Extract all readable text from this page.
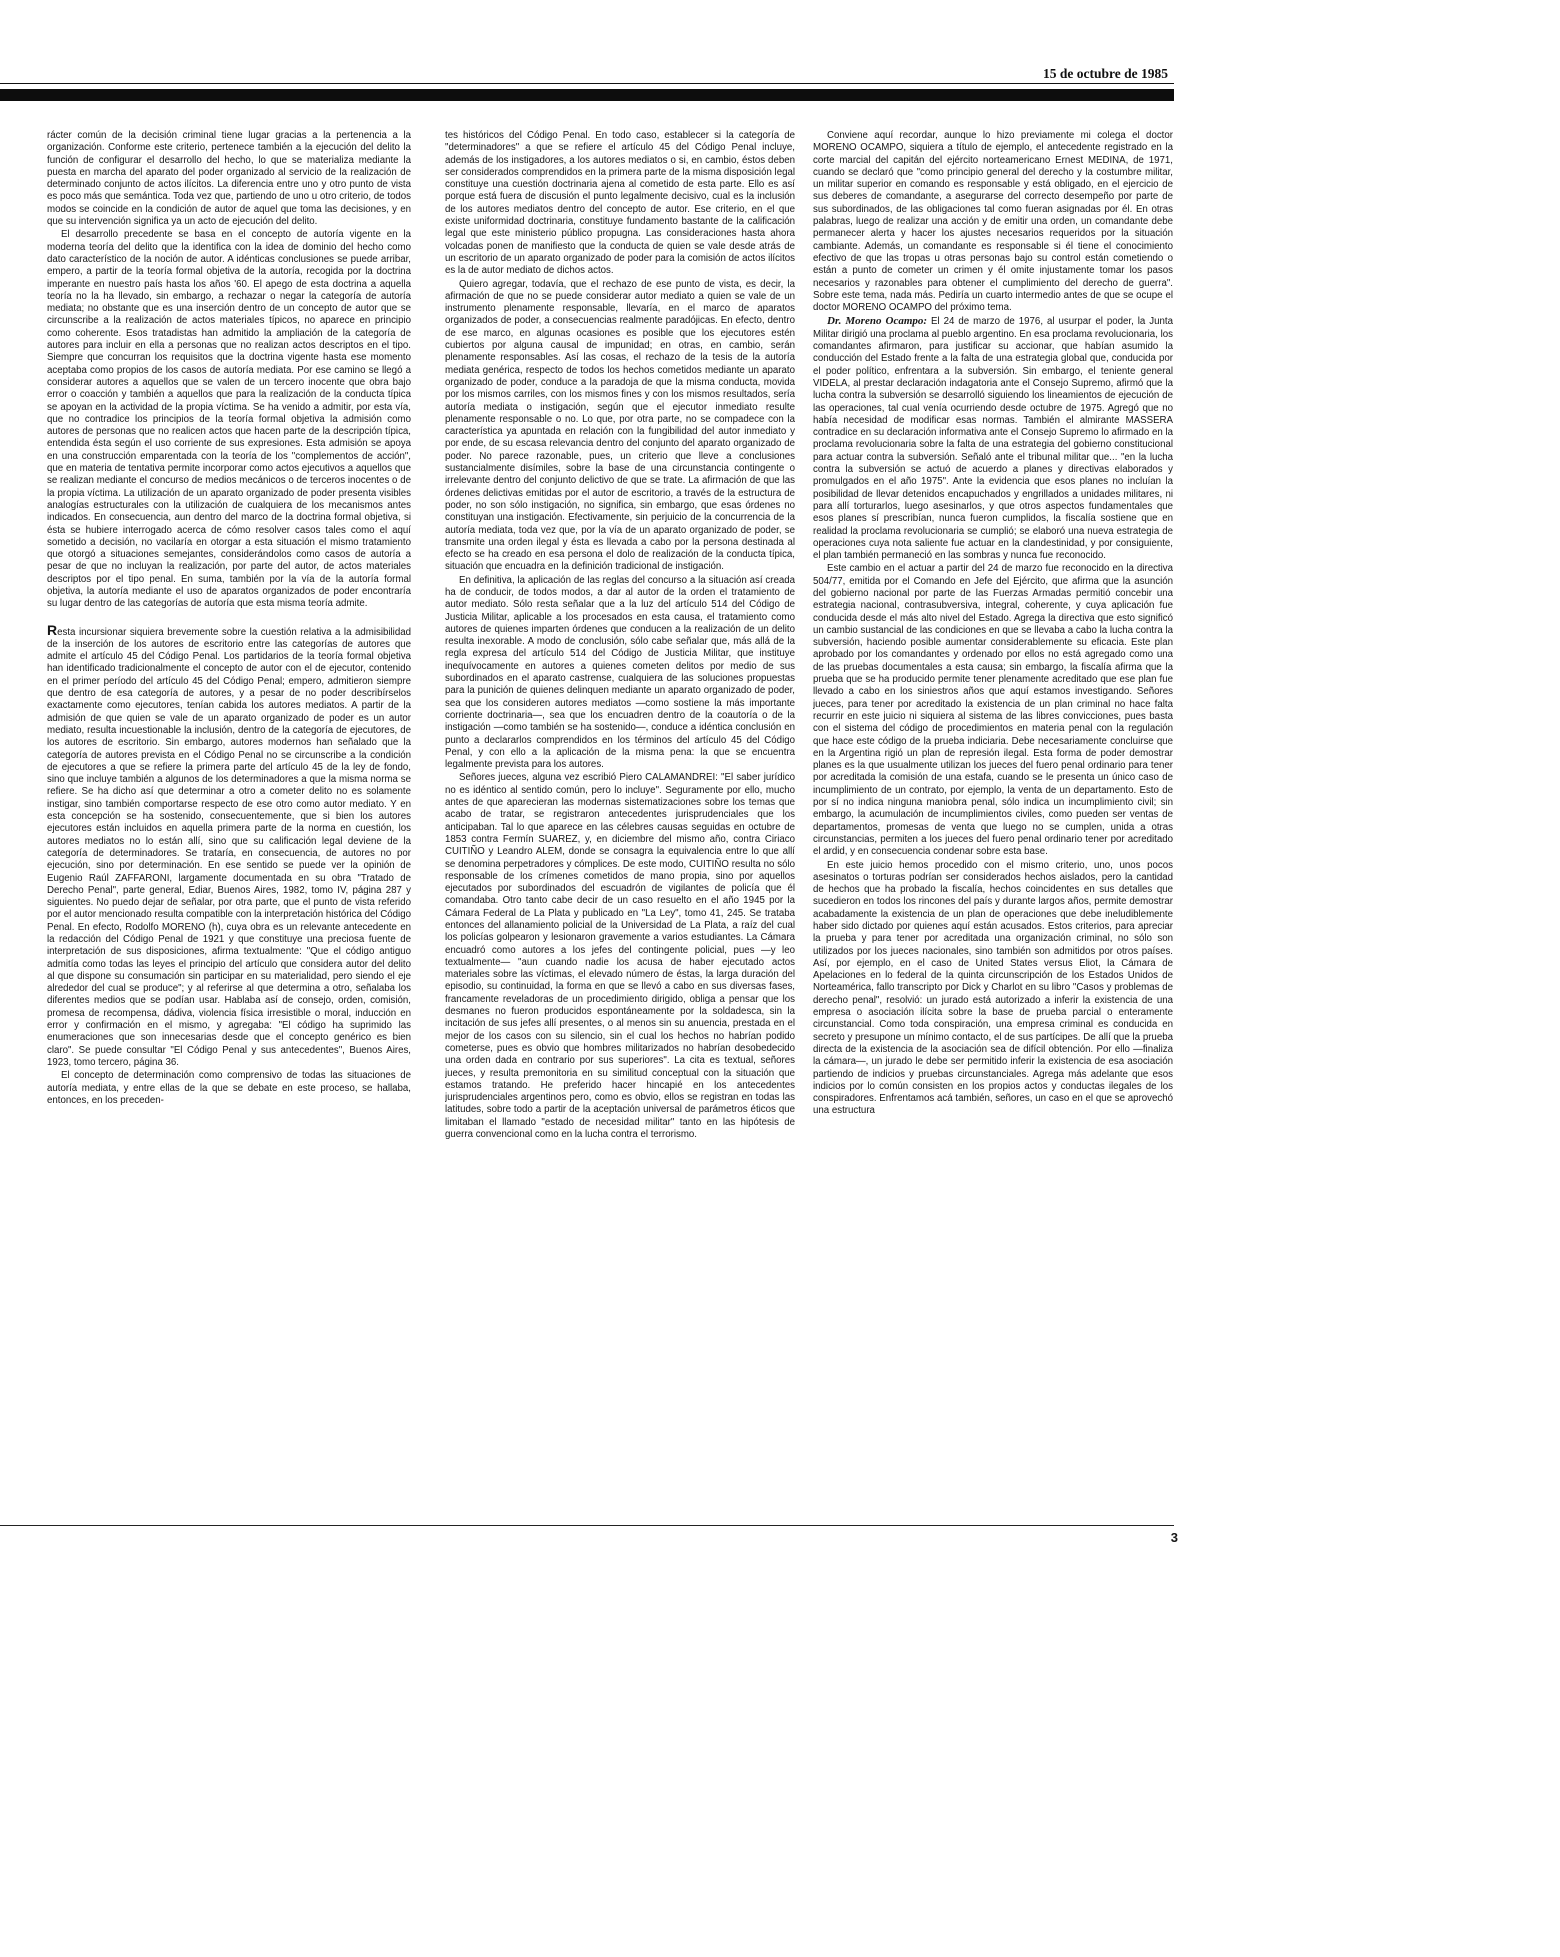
15 de octubre de 1985

rácter común de la decisión criminal tiene lugar gracias a la pertenencia a la organización. Conforme este criterio, pertenece también a la ejecución del delito la función de configurar el desarrollo del hecho, lo que se materializa mediante la puesta en marcha del aparato del poder organizado al servicio de la realización de determinado conjunto de actos ilícitos. La diferencia entre uno y otro punto de vista es poco más que semántica. Toda vez que, partiendo de uno u otro criterio, de todos modos se coincide en la condición de autor de aquel que toma las decisiones, y en que su intervención significa ya un acto de ejecución del delito.

El desarrollo precedente se basa en el concepto de autoría vigente en la moderna teoría del delito que la identifica con la idea de dominio del hecho como dato característico de la noción de autor. A idénticas conclusiones se puede arribar, empero, a partir de la teoría formal objetiva de la autoría, recogida por la doctrina imperante en nuestro país hasta los años '60. El apego de esta doctrina a aquella teoría no la ha llevado, sin embargo, a rechazar o negar la categoría de autoría mediata; no obstante que es una inserción dentro de un concepto de autor que se circunscribe a la realización de actos materiales típicos, no aparece en principio como coherente. Esos tratadistas han admitido la ampliación de la categoría de autores para incluir en ella a personas que no realizan actos descriptos en el tipo. Siempre que concurran los requisitos que la doctrina vigente hasta ese momento aceptaba como propios de los casos de autoría mediata. Por ese camino se llegó a considerar autores a aquellos que se valen de un tercero inocente que obra bajo error o coacción y también a aquellos que para la realización de la conducta típica se apoyan en la actividad de la propia víctima. Se ha venido a admitir, por esta vía, que no contradice los principios de la teoría formal objetiva la admisión como autores de personas que no realicen actos que hacen parte de la descripción típica, entendida ésta según el uso corriente de sus expresiones. Esta admisión se apoya en una construcción emparentada con la teoría de los "complementos de acción", que en materia de tentativa permite incorporar como actos ejecutivos a aquellos que se realizan mediante el concurso de medios mecánicos o de terceros inocentes o de la propia víctima. La utilización de un aparato organizado de poder presenta visibles analogías estructurales con la utilización de cualquiera de los mecanismos antes indicados. En consecuencia, aun dentro del marco de la doctrina formal objetiva, si ésta se hubiere interrogado acerca de cómo resolver casos tales como el aquí sometido a decisión, no vacilaría en otorgar a esta situación el mismo tratamiento que otorgó a situaciones semejantes, considerándolos como casos de autoría a pesar de que no incluyan la realización, por parte del autor, de actos materiales descriptos por el tipo penal. En suma, también por la vía de la autoría formal objetiva, la autoría mediante el uso de aparatos organizados de poder encontraría su lugar dentro de las categorías de autoría que esta misma teoría admite.

Resta incursionar siquiera brevemente sobre la cuestión relativa a la admisibilidad de la inserción de los autores de escritorio entre las categorías de autores que admite el artículo 45 del Código Penal. Los partidarios de la teoría formal objetiva han identificado tradicionalmente el concepto de autor con el de ejecutor, contenido en el primer período del artículo 45 del Código Penal; empero, admitieron siempre que dentro de esa categoría de autores, y a pesar de no poder describírselos exactamente como ejecutores, tenían cabida los autores mediatos. A partir de la admisión de que quien se vale de un aparato organizado de poder es un autor mediato, resulta incuestionable la inclusión, dentro de la categoría de ejecutores, de los autores de escritorio. Sin embargo, autores modernos han señalado que la categoría de autores prevista en el Código Penal no se circunscribe a la condición de ejecutores a que se refiere la primera parte del artículo 45 de la ley de fondo, sino que incluye también a algunos de los determinadores a que la misma norma se refiere. Se ha dicho así que determinar a otro a cometer delito no es solamente instigar, sino también comportarse respecto de ese otro como autor mediato. Y en esta concepción se ha sostenido, consecuentemente, que si bien los autores ejecutores están incluidos en aquella primera parte de la norma en cuestión, los autores mediatos no lo están allí, sino que su calificación legal deviene de la categoría de determinadores. Se trataría, en consecuencia, de autores no por ejecución, sino por determinación. En ese sentido se puede ver la opinión de Eugenio Raúl ZAFFARONI, largamente documentada en su obra "Tratado de Derecho Penal", parte general, Ediar, Buenos Aires, 1982, tomo IV, página 287 y siguientes. No puedo dejar de señalar, por otra parte, que el punto de vista referido por el autor mencionado resulta compatible con la interpretación histórica del Código Penal. En efecto, Rodolfo MORENO (h), cuya obra es un relevante antecedente en la redacción del Código Penal de 1921 y que constituye una preciosa fuente de interpretación de sus disposiciones, afirma textualmente: "Que el código antiguo admitía como todas las leyes el principio del artículo que considera autor del delito al que dispone su consumación sin participar en su materialidad, pero siendo el eje alrededor del cual se produce"; y al referirse al que determina a otro, señalaba los diferentes medios que se podían usar. Hablaba así de consejo, orden, comisión, promesa de recompensa, dádiva, violencia física irresistible o moral, inducción en error y confirmación en el mismo, y agregaba: "El código ha suprimido las enumeraciones que son innecesarias desde que el concepto genérico es bien claro". Se puede consultar "El Código Penal y sus antecedentes", Buenos Aires, 1923, tomo tercero, página 36.

El concepto de determinación como comprensivo de todas las situaciones de autoría mediata, y entre ellas de la que se debate en este proceso, se hallaba, entonces, en los preceden-

tes históricos del Código Penal. En todo caso, establecer si la categoría de "determinadores" a que se refiere el artículo 45 del Código Penal incluye, además de los instigadores, a los autores mediatos o si, en cambio, éstos deben ser considerados comprendidos en la primera parte de la misma disposición legal constituye una cuestión doctrinaria ajena al cometido de esta parte. Ello es así porque está fuera de discusión el punto legalmente decisivo, cual es la inclusión de los autores mediatos dentro del concepto de autor. Ese criterio, en el que existe uniformidad doctrinaria, constituye fundamento bastante de la calificación legal que este ministerio público propugna. Las consideraciones hasta ahora volcadas ponen de manifiesto que la conducta de quien se vale desde atrás de un escritorio de un aparato organizado de poder para la comisión de actos ilícitos es la de autor mediato de dichos actos.

Quiero agregar, todavía, que el rechazo de ese punto de vista, es decir, la afirmación de que no se puede considerar autor mediato a quien se vale de un instrumento plenamente responsable, llevaría, en el marco de aparatos organizados de poder, a consecuencias realmente paradójicas. En efecto, dentro de ese marco, en algunas ocasiones es posible que los ejecutores estén cubiertos por alguna causal de impunidad; en otras, en cambio, serán plenamente responsables. Así las cosas, el rechazo de la tesis de la autoría mediata genérica, respecto de todos los hechos cometidos mediante un aparato organizado de poder, conduce a la paradoja de que la misma conducta, movida por los mismos carriles, con los mismos fines y con los mismos resultados, sería autoría mediata o instigación, según que el ejecutor inmediato resulte plenamente responsable o no. Lo que, por otra parte, no se compadece con la característica ya apuntada en relación con la fungibilidad del autor inmediato y por ende, de su escasa relevancia dentro del conjunto del aparato organizado de poder. No parece razonable, pues, un criterio que lleve a conclusiones sustancialmente disímiles, sobre la base de una circunstancia contingente o irrelevante dentro del conjunto delictivo de que se trate. La afirmación de que las órdenes delictivas emitidas por el autor de escritorio, a través de la estructura de poder, no son sólo instigación, no significa, sin embargo, que esas órdenes no constituyan una instigación. Efectivamente, sin perjuicio de la concurrencia de la autoría mediata, toda vez que, por la vía de un aparato organizado de poder, se transmite una orden ilegal y ésta es llevada a cabo por la persona destinada al efecto se ha creado en esa persona el dolo de realización de la conducta típica, situación que encuadra en la definición tradicional de instigación.

En definitiva, la aplicación de las reglas del concurso a la situación así creada ha de conducir, de todos modos, a dar al autor de la orden el tratamiento de autor mediato. Sólo resta señalar que a la luz del artículo 514 del Código de Justicia Militar, aplicable a los procesados en esta causa, el tratamiento como autores de quienes imparten órdenes que conducen a la realización de un delito resulta inexorable. A modo de conclusión, sólo cabe señalar que, más allá de la regla expresa del artículo 514 del Código de Justicia Militar, que instituye inequívocamente en autores a quienes cometen delitos por medio de sus subordinados en el aparato castrense, cualquiera de las soluciones propuestas para la punición de quienes delinquen mediante un aparato organizado de poder, sea que los consideren autores mediatos —como sostiene la más importante corriente doctrinaria—, sea que los encuadren dentro de la coautoría o de la instigación —como también se ha sostenido—, conduce a idéntica conclusión en punto a declararlos comprendidos en los términos del artículo 45 del Código Penal, y con ello a la aplicación de la misma pena: la que se encuentra legalmente prevista para los autores.

Señores jueces, alguna vez escribió Piero CALAMANDREI: "El saber jurídico no es idéntico al sentido común, pero lo incluye". Seguramente por ello, mucho antes de que aparecieran las modernas sistematizaciones sobre los temas que acabo de tratar, se registraron antecedentes jurisprudenciales que los anticipaban. Tal lo que aparece en las célebres causas seguidas en octubre de 1853 contra Fermín SUAREZ, y, en diciembre del mismo año, contra Ciriaco CUITIÑO y Leandro ALEM, donde se consagra la equivalencia entre lo que allí se denomina perpetradores y cómplices. De este modo, CUITIÑO resulta no sólo responsable de los crímenes cometidos de mano propia, sino por aquellos ejecutados por subordinados del escuadrón de vigilantes de policía que él comandaba. Otro tanto cabe decir de un caso resuelto en el año 1945 por la Cámara Federal de La Plata y publicado en "La Ley", tomo 41, 245. Se trataba entonces del allanamiento policial de la Universidad de La Plata, a raíz del cual los policías golpearon y lesionaron gravemente a varios estudiantes. La Cámara encuadró como autores a los jefes del contingente policial, pues —y leo textualmente— "aun cuando nadie los acusa de haber ejecutado actos materiales sobre las víctimas, el elevado número de éstas, la larga duración del episodio, su continuidad, la forma en que se llevó a cabo en sus diversas fases, francamente reveladoras de un procedimiento dirigido, obliga a pensar que los desmanes no fueron producidos espontáneamente por la soldadesca, sin la incitación de sus jefes allí presentes, o al menos sin su anuencia, prestada en el mejor de los casos con su silencio, sin el cual los hechos no habrían podido cometerse, pues es obvio que hombres militarizados no habrían desobedecido una orden dada en contrario por sus superiores". La cita es textual, señores jueces, y resulta premonitoria en su similitud conceptual con la situación que estamos tratando. He preferido hacer hincapié en los antecedentes jurisprudenciales argentinos pero, como es obvio, ellos se registran en todas las latitudes, sobre todo a partir de la aceptación universal de parámetros éticos que limitaban el llamado "estado de necesidad militar" tanto en las hipótesis de guerra convencional como en la lucha contra el terrorismo.

Conviene aquí recordar, aunque lo hizo previamente mi colega el doctor MORENO OCAMPO, siquiera a título de ejemplo, el antecedente registrado en la corte marcial del capitán del ejército norteamericano Ernest MEDINA, de 1971, cuando se declaró que "como principio general del derecho y la costumbre militar, un militar superior en comando es responsable y está obligado, en el ejercicio de sus deberes de comandante, a asegurarse del correcto desempeño por parte de sus subordinados, de las obligaciones tal como fueran asignadas por él. En otras palabras, luego de realizar una acción y de emitir una orden, un comandante debe permanecer alerta y hacer los ajustes necesarios requeridos por la situación cambiante. Además, un comandante es responsable si él tiene el conocimiento efectivo de que las tropas u otras personas bajo su control están cometiendo o están a punto de cometer un crimen y él omite injustamente tomar los pasos necesarios y razonables para obtener el cumplimiento del derecho de guerra". Sobre este tema, nada más. Pediría un cuarto intermedio antes de que se ocupe el doctor MORENO OCAMPO del próximo tema.

Dr. Moreno Ocampo: El 24 de marzo de 1976, al usurpar el poder, la Junta Militar dirigió una proclama al pueblo argentino. En esa proclama revolucionaria, los comandantes afirmaron, para justificar su accionar, que habían asumido la conducción del Estado frente a la falta de una estrategia global que, conducida por el poder político, enfrentara a la subversión. Sin embargo, el teniente general VIDELA, al prestar declaración indagatoria ante el Consejo Supremo, afirmó que la lucha contra la subversión se desarrolló siguiendo los lineamientos de ejecución de las operaciones, tal cual venía ocurriendo desde octubre de 1975. Agregó que no había necesidad de modificar esas normas. También el almirante MASSERA contradice en su declaración informativa ante el Consejo Supremo lo afirmado en la proclama revolucionaria sobre la falta de una estrategia del gobierno constitucional para actuar contra la subversión. Señaló ante el tribunal militar que... "en la lucha contra la subversión se actuó de acuerdo a planes y directivas elaborados y promulgados en el año 1975". Ante la evidencia que esos planes no incluían la posibilidad de llevar detenidos encapuchados y engrillados a unidades militares, ni para allí torturarlos, luego asesinarlos, y que otros aspectos fundamentales que esos planes sí prescribían, nunca fueron cumplidos, la fiscalía sostiene que en realidad la proclama revolucionaria se cumplió; se elaboró una nueva estrategia de operaciones cuya nota saliente fue actuar en la clandestinidad, y por consiguiente, el plan también permaneció en las sombras y nunca fue reconocido.

Este cambio en el actuar a partir del 24 de marzo fue reconocido en la directiva 504/77, emitida por el Comando en Jefe del Ejército, que afirma que la asunción del gobierno nacional por parte de las Fuerzas Armadas permitió concebir una estrategia nacional, contrasubversiva, integral, coherente, y cuya aplicación fue conducida desde el más alto nivel del Estado. Agrega la directiva que esto significó un cambio sustancial de las condiciones en que se llevaba a cabo la lucha contra la subversión, haciendo posible aumentar considerablemente su eficacia. Este plan aprobado por los comandantes y ordenado por ellos no está agregado como una de las pruebas documentales a esta causa; sin embargo, la fiscalía afirma que la prueba que se ha producido permite tener plenamente acreditado que ese plan fue llevado a cabo en los siniestros años que aquí estamos investigando. Señores jueces, para tener por acreditado la existencia de un plan criminal no hace falta recurrir en este juicio ni siquiera al sistema de las libres convicciones, pues basta con el sistema del código de procedimientos en materia penal con la regulación que hace este código de la prueba indiciaria. Debe necesariamente concluirse que en la Argentina rigió un plan de represión ilegal. Esta forma de poder demostrar planes es la que usualmente utilizan los jueces del fuero penal ordinario para tener por acreditada la comisión de una estafa, cuando se le presenta un único caso de incumplimiento de un contrato, por ejemplo, la venta de un departamento. Esto de por sí no indica ninguna maniobra penal, sólo indica un incumplimiento civil; sin embargo, la acumulación de incumplimientos civiles, como pueden ser ventas de departamentos, promesas de venta que luego no se cumplen, unida a otras circunstancias, permiten a los jueces del fuero penal ordinario tener por acreditado el ardid, y en consecuencia condenar sobre esta base.

En este juicio hemos procedido con el mismo criterio, uno, unos pocos asesinatos o torturas podrían ser considerados hechos aislados, pero la cantidad de hechos que ha probado la fiscalía, hechos coincidentes en sus detalles que sucedieron en todos los rincones del país y durante largos años, permite demostrar acabadamente la existencia de un plan de operaciones que debe ineludiblemente haber sido dictado por quienes aquí están acusados. Estos criterios, para apreciar la prueba y para tener por acreditada una organización criminal, no sólo son utilizados por los jueces nacionales, sino también son admitidos por otros países. Así, por ejemplo, en el caso de United States versus Eliot, la Cámara de Apelaciones en lo federal de la quinta circunscripción de los Estados Unidos de Norteamérica, fallo transcripto por Dick y Charlot en su libro "Casos y problemas de derecho penal", resolvió: un jurado está autorizado a inferir la existencia de una empresa o asociación ilícita sobre la base de prueba parcial o enteramente circunstancial. Como toda conspiración, una empresa criminal es conducida en secreto y presupone un mínimo contacto, el de sus partícipes. De allí que la prueba directa de la existencia de la asociación sea de difícil obtención. Por ello —finaliza la cámara—, un jurado le debe ser permitido inferir la existencia de esa asociación partiendo de indicios y pruebas circunstanciales. Agrega más adelante que esos indicios por lo común consisten en los propios actos y conductas ilegales de los conspiradores. Enfrentamos acá también, señores, un caso en el que se aprovechó una estructura

3
